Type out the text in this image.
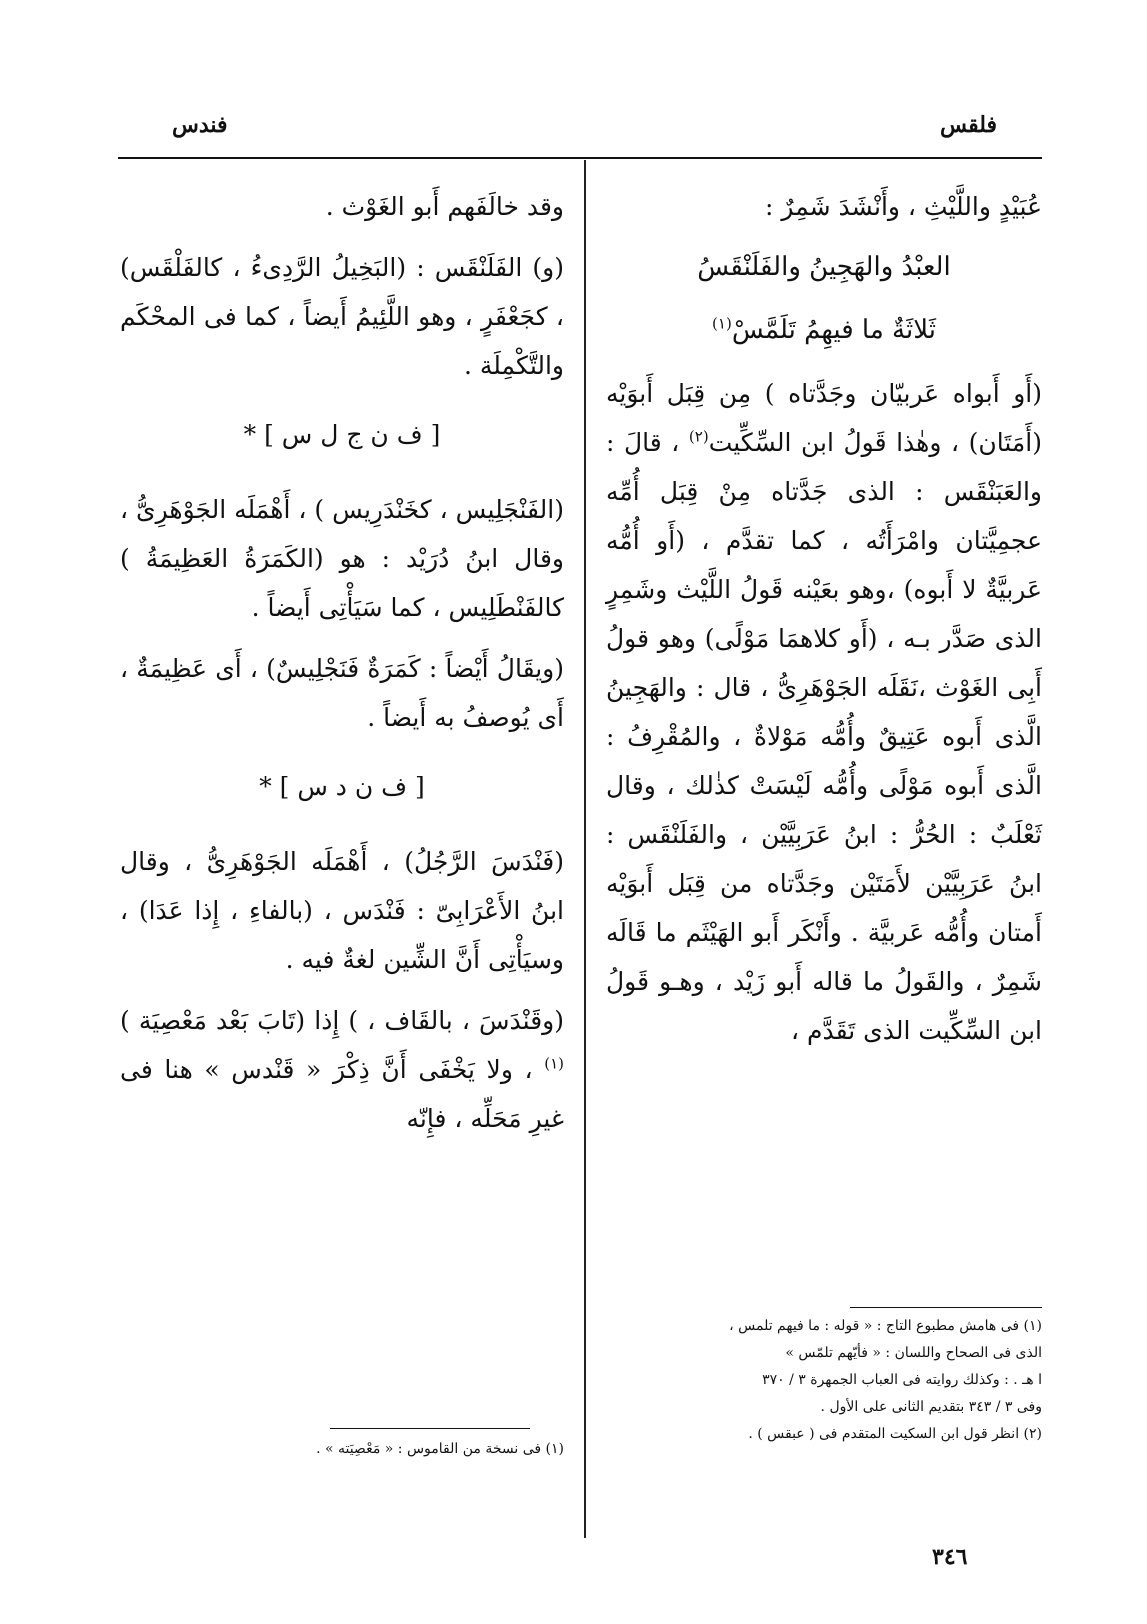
فلقس
فندس

عُبَيْدٍ واللَّيْثِ ، وأَنْشَدَ شَمِرٌ :

العبْدُ والهَجِينُ والفَلَنْقَسُ
ثَلاثَةٌ ما فيهِمُ تَلَمَّسْ$^{(١)}$

(أَو أَبواه عَربيّان وجَدَّتاه ) مِن قِبَل أَبوَيْه (أَمَتَان) ، وهٰذا قَولُ ابن السِّكِّيت$^{(٢)}$ ، قالَ : والعَبَنْقَس : الذى جَدَّتاه مِنْ قِبَل أُمِّه عجمِيَّتان وامْرَأَتُه ، كما تقدَّم ، (أَو أُمُّه عَربيَّةٌ لا أَبوه) ،وهو بعَيْنه قَولُ اللَّيْث وشَمِرٍ الذى صَدَّر بـه ، (أَو كلاهمَا مَوْلًى) وهو قولُ أَبِى الغَوْث ،نَقَلَه الجَوْهَرِىُّ ، قال : والهَجِينُ الَّذى أَبوه عَتِيقٌ وأُمُّه مَوْلاةٌ ، والمُقْرِفُ : الَّذى أَبوه مَوْلًى وأُمُّه لَيْسَتْ كذٰلك ، وقال ثَعْلَبٌ : الحُرُّ : ابنُ عَرَبِيَّيْن ، والفَلَنْقَس : ابنُ عَرَبِيَّيْن لأَمَتَيْن وجَدَّتاه من قِبَل أَبوَيْه أَمتان وأُمُّه عَربيَّة . وأَنْكَر أَبو الهَيْثَم ما قَالَه شَمِرٌ ، والقَولُ ما قاله أَبو زَيْد ، وهـو قَولُ ابن السِّكِّيت الذى تَقَدَّم ،

وقد خالَفَهم أَبو الغَوْث .

(و) الفَلَنْقَس : (البَخِيلُ الرَّدِىءُ ، كالفَلْقَس) ، كجَعْفَرٍ ، وهو اللَّئِيمُ أَيضاً ، كما فى المحْكَم والتَّكْمِلَة .

[ ف ن ج ل س ] *

(الفَنْجَلِيس ، كخَنْدَرِيس ) ، أَهْمَلَه الجَوْهَرِىُّ ، وقال ابنُ دُرَيْد : هو (الكَمَرَةُ العَظِيمَةُ ) كالفَنْطَلِيس ، كما سَيَأْتِى أَيضاً .

(ويقَالُ أَيْضاً : كَمَرَةٌ فَنَجْلِيسٌ) ، أَى عَظِيمَةٌ ، أَى يُوصفُ به أَيضاً .

[ ف ن د س ] *

(فَنْدَسَ الرَّجُلُ) ، أَهْمَلَه الجَوْهَرِىُّ ، وقال ابنُ الأَعْرَابِىّ : فَنْدَس ، (بالفاءِ ، إِذا عَدَا) ، وسيَأْتِى أَنَّ الشِّين لغةٌ فيه .

(وقَنْدَسَ ، بالقَاف ، ) إِذا (تَابَ بَعْد مَعْصِيَة )$^{(١)}$ ، ولا يَخْفَى أَنَّ ذِكْرَ « قَنْدس » هنا فى غيرِ مَحَلِّه ، فإِنّه

(١) فى هامش مطبوع التاج : « قوله : ما فيهم تلمس ،

الذى فى الصحاح واللسان : « فأيّهم تلمّس »

ا هـ . : وكذلك روايته فى العباب الجمهرة ٣ / ٣٧٠

وفى ٣ / ٣٤٣ بتقديم الثانى على الأول .

(٢) انظر قول ابن السكيت المتقدم فى ( عبقس ) .

(١) فى نسخة من القاموس : « مَعْصِيَته » .

٣٤٦
